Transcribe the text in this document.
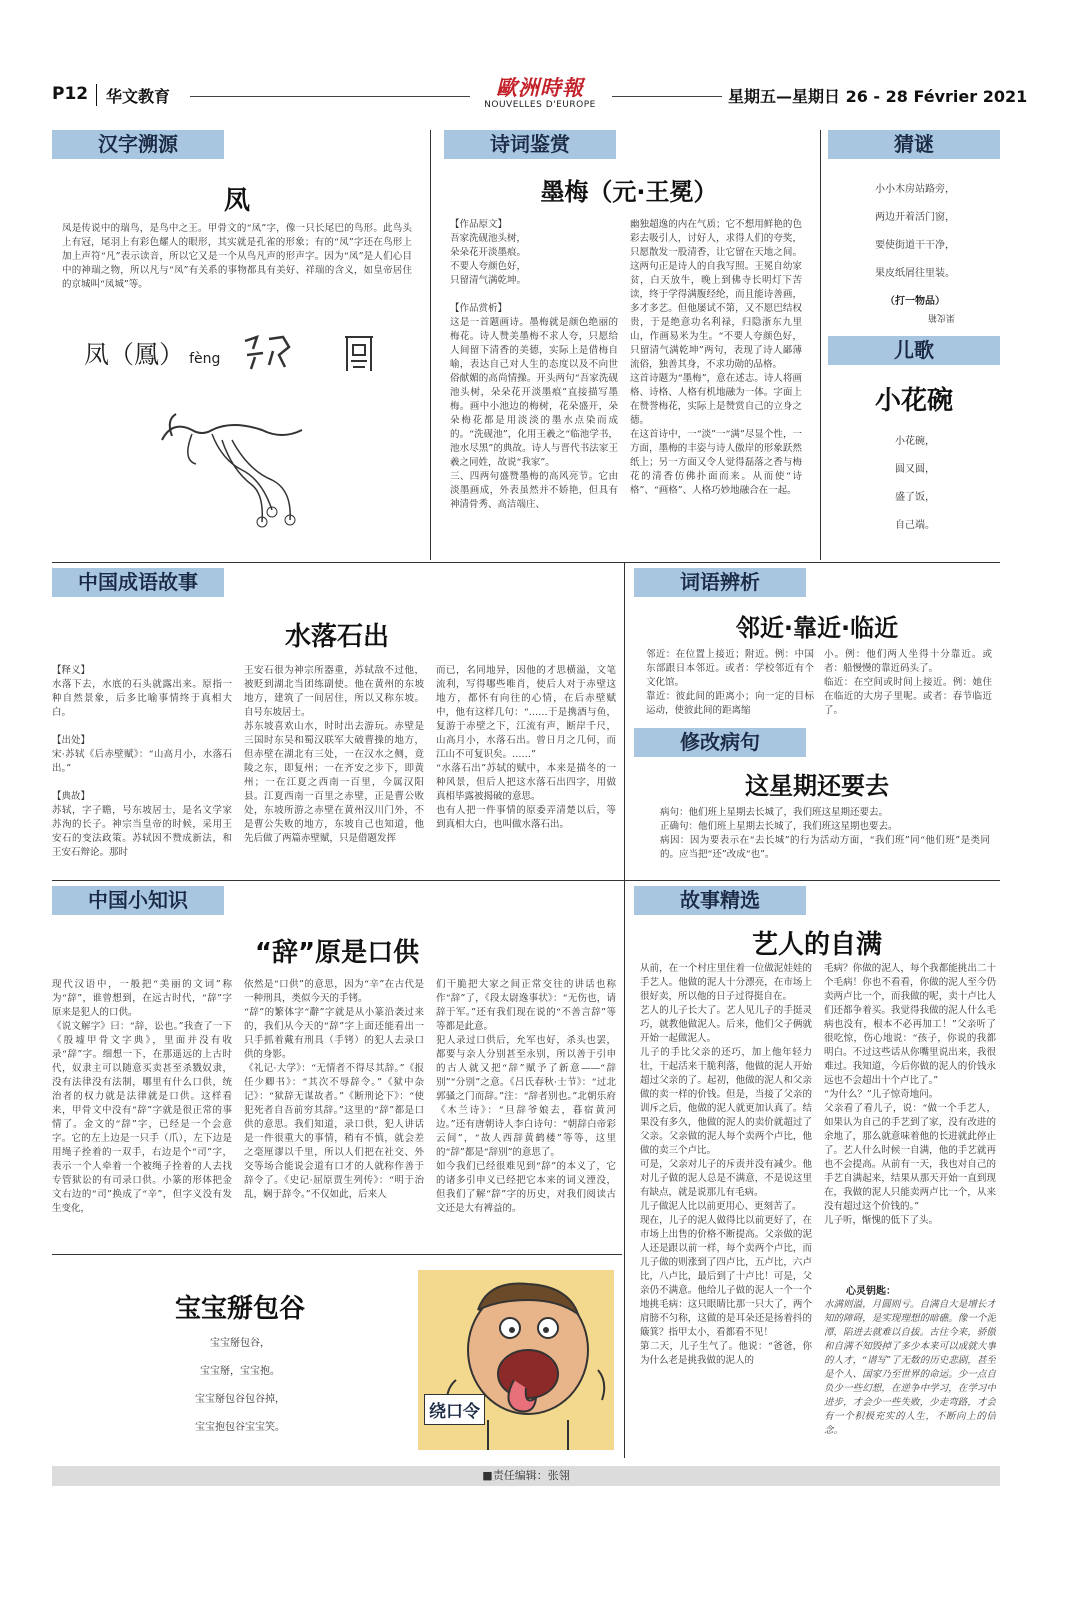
P12 华文教育	歐洲時報
NOUVELLES D'EUROPE	星期五—星期日 26 - 28 Février 2021
汉字溯源
凤
凤是传说中的瑞鸟，是鸟中之王。甲骨文的“凤”字，像一只长尾巴的鸟形。此鸟头上有冠，尾羽上有彩色耀人的眼形，其实就是孔雀的形象；有的“凤”字还在鸟形上加上声符“凡”表示读音，所以它又是一个从鸟凡声的形声字。因为“凤”是人们心目中的神瑞之物，所以凡与“凤”有关系的事物都具有美好、祥瑞的含义，如皇帝居住的京城叫“凤城”等。
凤（鳳） fèng
诗词鉴赏
墨梅（元·王冕）
【作品原文】
吾家洗砚池头树，
朵朵花开淡墨痕。
不要人夸颜色好，
只留清气满乾坤。

【作品赏析】
这是一首题画诗。墨梅就是颜色绝丽的梅花。诗人赞美墨梅不求人夸，只愿给人间留下清香的美德，实际上是借梅自喻，表达自己对人生的态度以及不向世俗献媚的高尚情操。开头两句“吾家洗砚池头树，朵朵花开淡墨痕”直接描写墨梅。画中小池边的梅树，花朵盛开，朵朵梅花都是用淡淡的墨水点染而成的。“洗砚池”，化用王羲之“临池学书，池水尽黑”的典故。诗人与晋代书法家王羲之同姓，故说“我家”。
三、四两句盛赞墨梅的高风亮节。它由淡墨画成，外表虽然并不娇艳，但具有神清骨秀、高洁端庄、
幽独超逸的内在气质；它不想用鲜艳的色彩去吸引人，讨好人，求得人们的夸奖，只愿散发一股清香，让它留在天地之间。这两句正是诗人的自我写照。王冕自幼家贫，白天放牛，晚上到佛寺长明灯下苦读，终于学得满腹经纶，而且能诗善画，多才多艺。但他屡试不第，又不愿巴结权贵，于是绝意功名利禄，归隐浙东九里山，作画易米为生。“不要人夸颜色好，只留清气满乾坤”两句，表现了诗人鄙薄流俗，独善其身，不求功勋的品格。
这首诗题为“墨梅”，意在述志。诗人将画格、诗格、人格有机地融为一体。字面上在赞誉梅花，实际上是赞赏自己的立身之德。
在这首诗中，一“淡”一“满”尽显个性，一方面，墨梅的丰姿与诗人傲岸的形象跃然纸上；另一方面又令人觉得磊落之香与梅花的清香仿佛扑面而来。从而使“诗格”、“画格”、人格巧妙地融合在一起。
猜谜
小小木房站路旁，
两边开着活门窗，
要使街道干干净，
果皮纸屑往里装。
（打一物品）
果皮箱
儿歌
小花碗
小花碗，
圆又圆，
盛了饭，
自己端。
中国成语故事
水落石出
【释义】
水落下去，水底的石头就露出来。原指一种自然景象，后多比喻事情终于真相大白。

【出处】
宋·苏轼《后赤壁赋》：“山高月小，水落石出。”

【典故】
苏轼，字子瞻，号东坡居士，是名文学家苏洵的长子。神宗当皇帝的时候，采用王安石的变法政策。苏轼因不赞成新法，和王安石辩论。那时
王安石很为神宗所器重，苏轼敌不过他，被贬到湖北当团练副使。他在黄州的东坡地方，建筑了一间居住，所以又称东坡。自号东坡居士。
苏东坡喜欢山水，时时出去游玩。赤壁是三国时东吴和蜀汉联军大破曹操的地方，但赤壁在湖北有三处，一在汉水之侧，竟陵之东，即复州；一在齐安之步下，即黄州；一在江夏之西南一百里，今属汉阳县。江夏西南一百里之赤壁，正是曹公败处，东坡所游之赤壁在黄州汉川门外，不是曹公失败的地方，东坡自己也知道，他先后做了两篇赤壁赋，只是借题发挥
而已，名同地异，因他的才思横溢，文笔流利，写得哪些唯肖，使后人对于赤壁这地方，都怀有向往的心情，在后赤壁赋中，他有这样几句：“……于是携酒与鱼，复游于赤壁之下，江流有声，断岸千尺，山高月小，水落石出。曾日月之几何，而江山不可复识矣。……”
“水落石出”苏轼的赋中，本来是描冬的一种风景，但后人把这水落石出四字，用做真相毕露被揭破的意思。
也有人把一件事情的原委弄清楚以后，等到真相大白，也叫做水落石出。
词语辨析
邻近·靠近·临近
邻近：在位置上接近；附近。例：中国东部跟日本邻近。或者：学校邻近有个文化馆。
靠近：彼此间的距离小；向一定的目标运动，使彼此间的距离缩
小。例：他们两人坐得十分靠近。或者：船慢慢的靠近码头了。
临近：在空间或时间上接近。例：她住在临近的大房子里呢。或者：春节临近了。
修改病句
这星期还要去
病句：他们班上星期去长城了，我们班这星期还要去。
正确句：他们班上星期去长城了，我们班这星期也要去。
病因：因为要表示在“去长城”的行为活动方面，“我们班”同“他们班”是类同的。应当把“还”改成“也”。
中国小知识
“辞”原是口供
现代汉语中，一般把“美丽的文词”称为“辞”，谁曾想到，在远古时代，“辞”字原来是犯人的口供。
《说文解字》曰：“辞，讼也。”我查了一下《殷墟甲骨文字典》，里面并没有收录“辞”字。细想一下，在那遥远的上古时代，奴隶主可以随意买卖甚至杀戮奴隶，没有法律没有法制，哪里有什么口供，统治者的权力就是法律就是口供。这样看来，甲骨文中没有“辞”字就是很正常的事情了。金文的“辞”字，已经是一个会意字。它的左上边是一只手（爪），左下边是用绳子拴着的一双手，右边是个“司”字，表示一个人牵着一个被绳子拴着的人去找专管狱讼的有司录口供。小篆的形体把金文右边的“司”换成了“辛”，但字义没有发生变化，
依然是“口供”的意思，因为“辛”在古代是一种刑具，类似今天的手铐。
“辞”的繁体字“辭”字就是从小篆沿袭过来的，我们从今天的“辞”字上面还能看出一只手抓着戴有刑具（手铐）的犯人去录口供的身影。
《礼记·大学》：“无情者不得尽其辞。”《报任少卿书》：“其次不辱辞令。”《狱中杂记》：“狱辞无谋故者。”《断刑论下》：“使犯死者自吾前穷其辞。”这里的“辞”都是口供的意思。我们知道，录口供，犯人讲话是一件很重大的事情，稍有不慎，就会差之毫厘谬以千里，所以人们把在社交、外交等场合能说会道有口才的人就称作善于辞令了。《史记·屈原贾生列传》：“明于治乱，娴于辞令。”不仅如此，后来人
们干脆把大家之间正常交往的讲话也称作“辞”了，《段太尉逸事状》：“无伤也，请辞于军。”还有我们现在说的“不善言辞”等等都是此意。
犯人录过口供后，允军也好，杀头也罢，都要与亲人分别甚至永别，所以善于引申的古人就又把“辞”赋予了新意——“辞别”“分别”之意。《吕氏春秋·士节》：“过北郭骚之门而辞。”注：“辞者别也。”北朝乐府《木兰诗》：“旦辞爷娘去，暮宿黄河边。”还有唐朝诗人李白诗句：“朝辞白帝彩云间”，“故人西辞黄鹤楼”等等，这里的“辞”都是“辞别”的意思了。
如今我们已经很难见到“辞”的本义了，它的诸多引申义已经把它本来的词义湮没，但我们了解“辞”字的历史，对我们阅读古文还是大有裨益的。
宝宝掰包谷
宝宝掰包谷，
宝宝掰，宝宝抱。
宝宝掰包谷包谷掉，
宝宝抱包谷宝宝笑。
绕口令
故事精选
艺人的自满
从前，在一个村庄里住着一位做泥娃娃的手艺人。他做的泥人十分漂亮，在市场上很好卖，所以他的日子过得挺自在。
艺人的儿子长大了。艺人见儿子的手挺灵巧，就教他做泥人。后来，他们父子俩就开始一起做泥人。
儿子的手比父亲的还巧，加上他年轻力壮，干起活来干脆利落，他做的泥人开始超过父亲的了。起初，他做的泥人和父亲做的卖一样的价钱。但是，当接了父亲的训斥之后，他做的泥人就更加认真了。结果没有多久，他做的泥人的卖价就超过了父亲。父亲做的泥人每个卖两个卢比，他做的卖三个卢比。
可是，父亲对儿子的斥责并没有减少。他对儿子做的泥人总是不满意，不是说这里有缺点，就是说那儿有毛病。
儿子做泥人比以前更用心、更刻苦了。
现在，儿子的泥人做得比以前更好了，在市场上出售的价格不断提高。父亲做的泥人还是跟以前一样，每个卖两个卢比，而儿子做的则涨到了四卢比，五卢比，六卢比，八卢比，最后到了十卢比！可是，父亲仍不满意。他给儿子做的泥人一个一个地挑毛病：这只眼睛比那一只大了，两个肩膀不匀称，这做的是耳朵还是扬着抖的簸箕？指甲太小，看都看不见！
第二天，儿子生气了。他说：“爸爸，你为什么老是挑我做的泥人的
毛病？你做的泥人，每个我都能挑出二十个毛病！你也不看看，你做的泥人至今仍卖两卢比一个，而我做的呢，卖十卢比人们还都争着买。我觉得我做的泥人什么毛病也没有，根本不必再加工！”父亲听了很吃惊，伤心地说：“孩子，你说的我都明白。不过这些话从你嘴里说出来，我很难过。我知道，今后你做的泥人的价钱永远也不会超出十个卢比了。”
“为什么？”儿子惊奇地问。
父亲看了看儿子，说：“做一个手艺人，如果认为自己的手艺到了家，没有改进的余地了，那么就意味着他的长进就此停止了。艺人什么时候一自满，他的手艺就再也不会提高。从前有一天，我也对自己的手艺自满起来，结果从那天开始一直到现在，我做的泥人只能卖两卢比一个，从来没有超过这个价钱的。”
儿子听，惭愧的低下了头。
心灵钥匙：
水满则溢，月圆则亏。自满自大是增长才知的障碍，是实现理想的暗礁。像一个泥潭，陷进去就难以自拔。古往今来，骄傲和自满不知毁掉了多少本来可以成就大事的人才，“谱写”了无数的历史悲剧，甚至是个人、国家乃至世界的命运。少一点自负少一些幻想，在逆争中学习，在学习中进步，才会少一些失败，少走弯路，才会有一个积极充实的人生，不断向上的信念。
■责任编辑：张翎
